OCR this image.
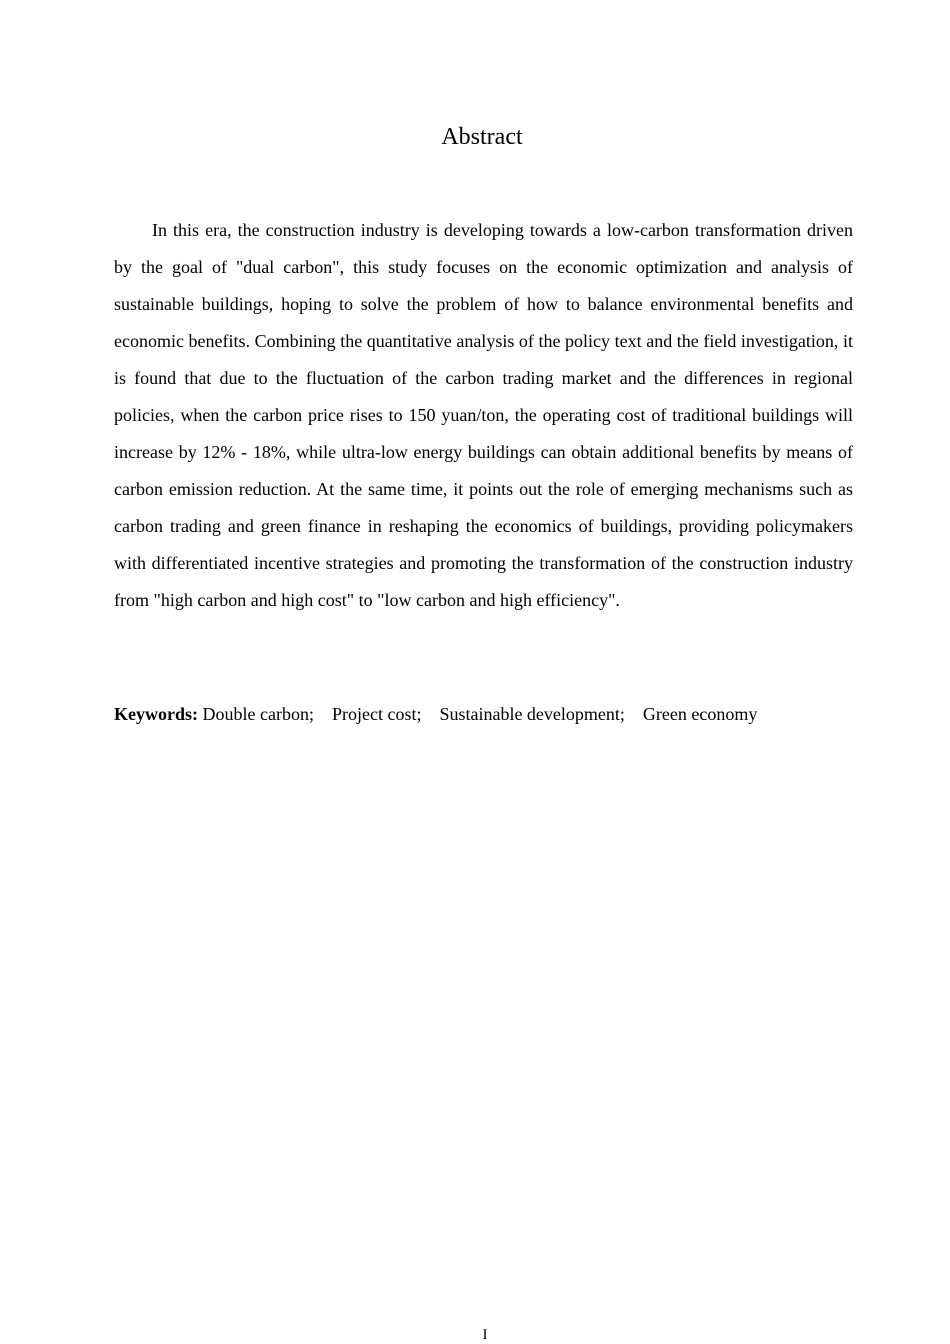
Abstract

In this era, the construction industry is developing towards a low-carbon transformation driven by the goal of "dual carbon", this study focuses on the economic optimization and analysis of sustainable buildings, hoping to solve the problem of how to balance environmental benefits and economic benefits. Combining the quantitative analysis of the policy text and the field investigation, it is found that due to the fluctuation of the carbon trading market and the differences in regional policies, when the carbon price rises to 150 yuan/ton, the operating cost of traditional buildings will increase by 12% - 18%, while ultra-low energy buildings can obtain additional benefits by means of carbon emission reduction. At the same time, it points out the role of emerging mechanisms such as carbon trading and green finance in reshaping the economics of buildings, providing policymakers with differentiated incentive strategies and promoting the transformation of the construction industry from "high carbon and high cost" to "low carbon and high efficiency".

Keywords: Double carbon;    Project cost;    Sustainable development;    Green economy
I
